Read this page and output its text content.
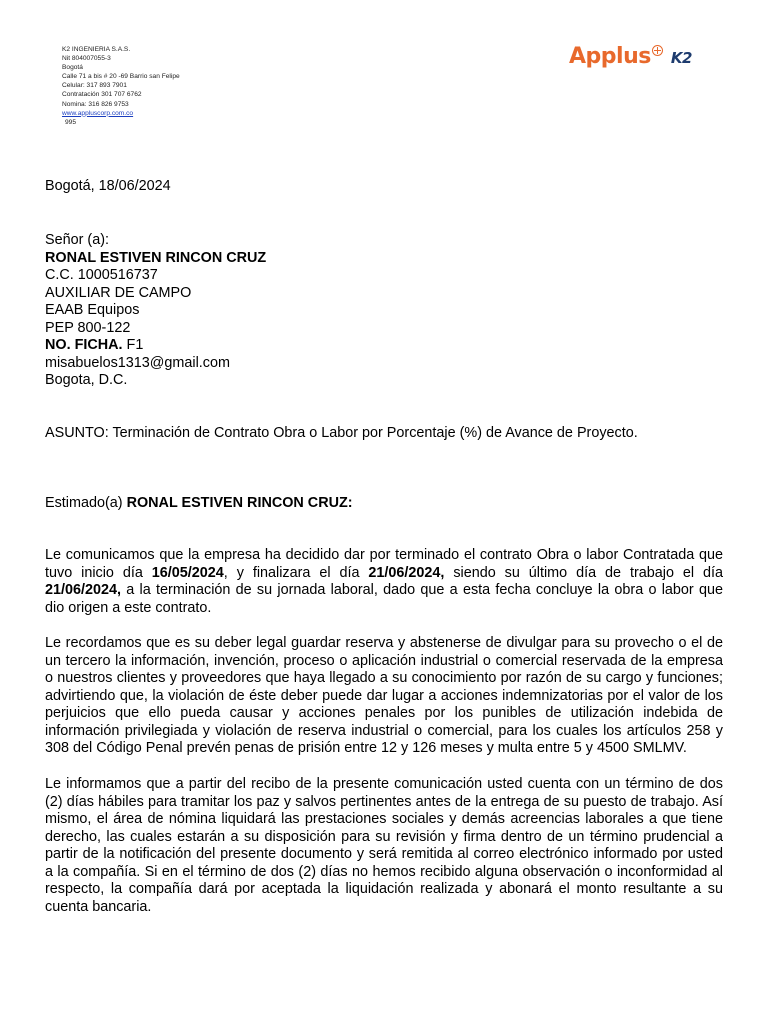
K2 INGENIERIA S.A.S.
Nit 804007055-3
Bogotá
Calle 71 a bis # 20 -69 Barrio san Felipe
Celular: 317 893 7901
Contratación 301 707 6762
Nomina: 316 826 9753
www.appluscorp.com.co
995
Applus K2
Bogotá, 18/06/2024
Señor (a):
RONAL ESTIVEN RINCON CRUZ
C.C. 1000516737
AUXILIAR DE CAMPO
EAAB Equipos
PEP 800-122
NO. FICHA. F1
misabuelos1313@gmail.com
Bogota, D.C.
ASUNTO: Terminación de Contrato Obra o Labor por Porcentaje (%) de Avance de Proyecto.
Estimado(a) RONAL ESTIVEN RINCON CRUZ:

Le comunicamos que la empresa ha decidido dar por terminado el contrato Obra o labor Contratada que tuvo inicio día 16/05/2024, y finalizara el día 21/06/2024, siendo su último día de trabajo el día 21/06/2024, a la terminación de su jornada laboral, dado que a esta fecha concluye la obra o labor que dio origen a este contrato.

Le recordamos que es su deber legal guardar reserva y abstenerse de divulgar para su provecho o el de un tercero la información, invención, proceso o aplicación industrial o comercial reservada de la empresa o nuestros clientes y proveedores que haya llegado a su conocimiento por razón de su cargo y funciones; advirtiendo que, la violación de éste deber puede dar lugar a acciones indemnizatorias por el valor de los perjuicios que ello pueda causar y acciones penales por los punibles de utilización indebida de información privilegiada y violación de reserva industrial o comercial, para los cuales los artículos 258 y 308 del Código Penal prevén penas de prisión entre 12 y 126 meses y multa entre 5 y 4500 SMLMV.

Le informamos que a partir del recibo de la presente comunicación usted cuenta con un término de dos (2) días hábiles para tramitar los paz y salvos pertinentes antes de la entrega de su puesto de trabajo. Así mismo, el área de nómina liquidará las prestaciones sociales y demás acreencias laborales a que tiene derecho, las cuales estarán a su disposición para su revisión y firma dentro de un término prudencial a partir de la notificación del presente documento y será remitida al correo electrónico informado por usted a la compañía. Si en el término de dos (2) días no hemos recibido alguna observación o inconformidad al respecto, la compañía dará por aceptada la liquidación realizada y abonará el monto resultante a su cuenta bancaria.
